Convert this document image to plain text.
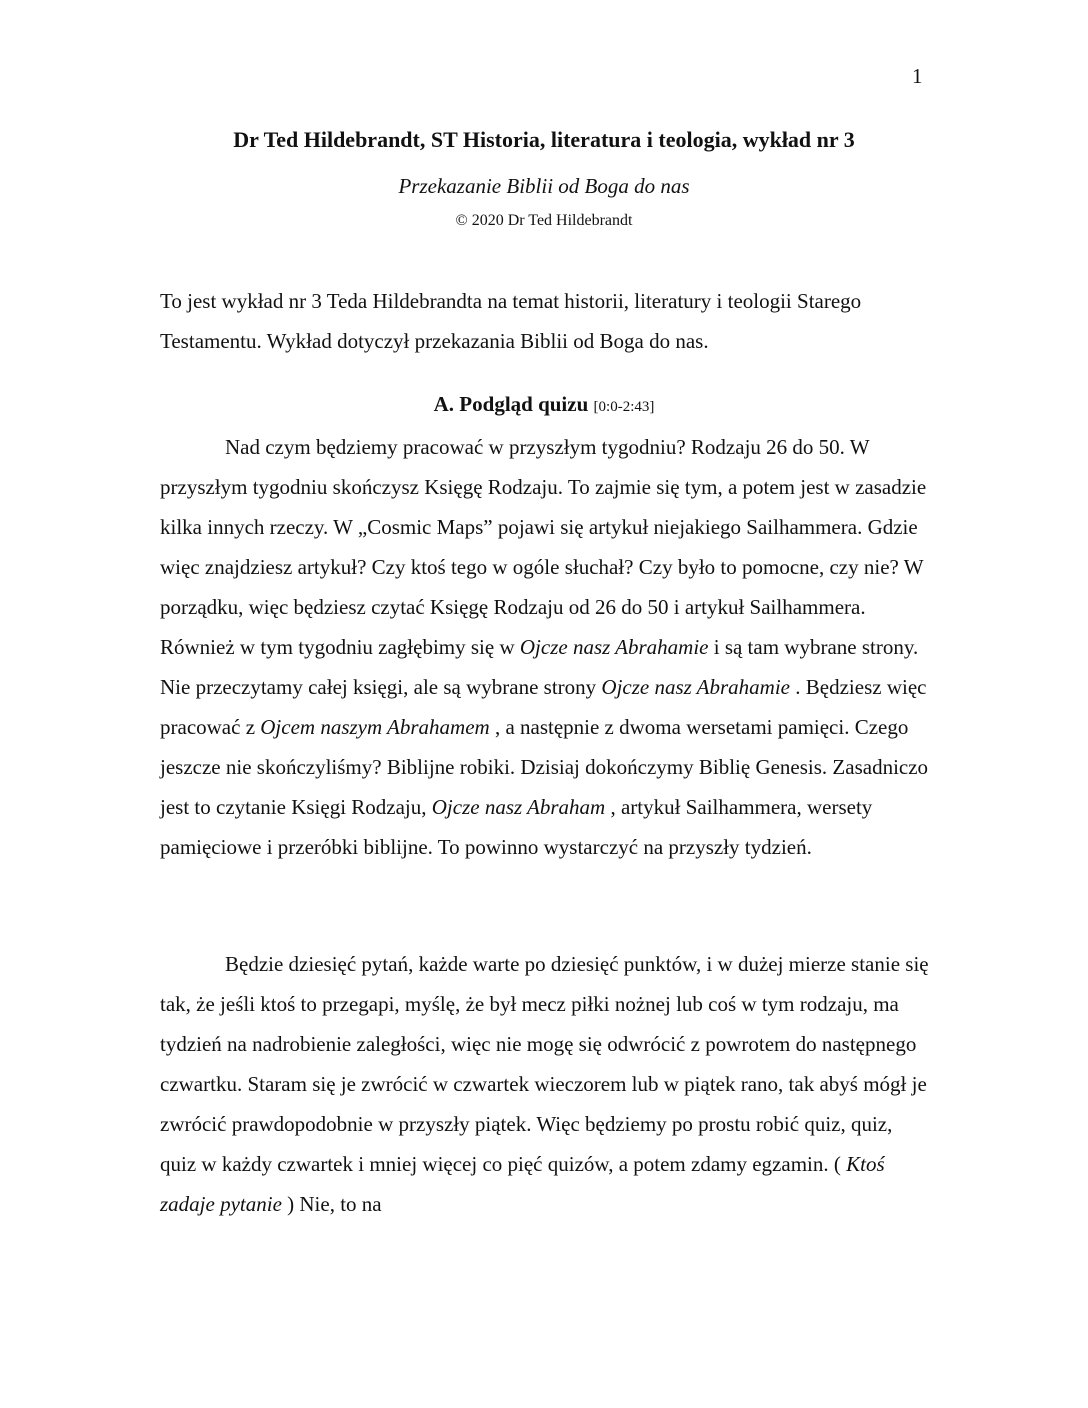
1
Dr Ted Hildebrandt, ST Historia, literatura i teologia, wykład nr 3
Przekazanie Biblii od Boga do nas
© 2020 Dr Ted Hildebrandt

To jest wykład nr 3 Teda Hildebrandta na temat historii, literatury i teologii Starego Testamentu. Wykład dotyczył przekazania Biblii od Boga do nas.

A. Podgląd quizu [0:0-2:43]

Nad czym będziemy pracować w przyszłym tygodniu? Rodzaju 26 do 50. W przyszłym tygodniu skończysz Księgę Rodzaju. To zajmie się tym, a potem jest w zasadzie kilka innych rzeczy. W „Cosmic Maps” pojawi się artykuł niejakiego Sailhammera. Gdzie więc znajdziesz artykuł? Czy ktoś tego w ogóle słuchał? Czy było to pomocne, czy nie? W porządku, więc będziesz czytać Księgę Rodzaju od 26 do 50 i artykuł Sailhammera. Również w tym tygodniu zagłębimy się w Ojcze nasz Abrahamie i są tam wybrane strony. Nie przeczytamy całej księgi, ale są wybrane strony Ojcze nasz Abrahamie . Będziesz więc pracować z Ojcem naszym Abrahamem , a następnie z dwoma wersetami pamięci. Czego jeszcze nie skończyliśmy? Biblijne robiki. Dzisiaj dokończymy Biblię Genesis. Zasadniczo jest to czytanie Księgi Rodzaju, Ojcze nasz Abraham , artykuł Sailhammera, wersety pamięciowe i przeróbki biblijne. To powinno wystarczyć na przyszły tydzień.

Będzie dziesięć pytań, każde warte po dziesięć punktów, i w dużej mierze stanie się tak, że jeśli ktoś to przegapi, myślę, że był mecz piłki nożnej lub coś w tym rodzaju, ma tydzień na nadrobienie zaległości, więc nie mogę się odwrócić z powrotem do następnego czwartku. Staram się je zwrócić w czwartek wieczorem lub w piątek rano, tak abyś mógł je zwrócić prawdopodobnie w przyszły piątek. Więc będziemy po prostu robić quiz, quiz, quiz w każdy czwartek i mniej więcej co pięć quizów, a potem zdamy egzamin. ( Ktoś zadaje pytanie ) Nie, to na
